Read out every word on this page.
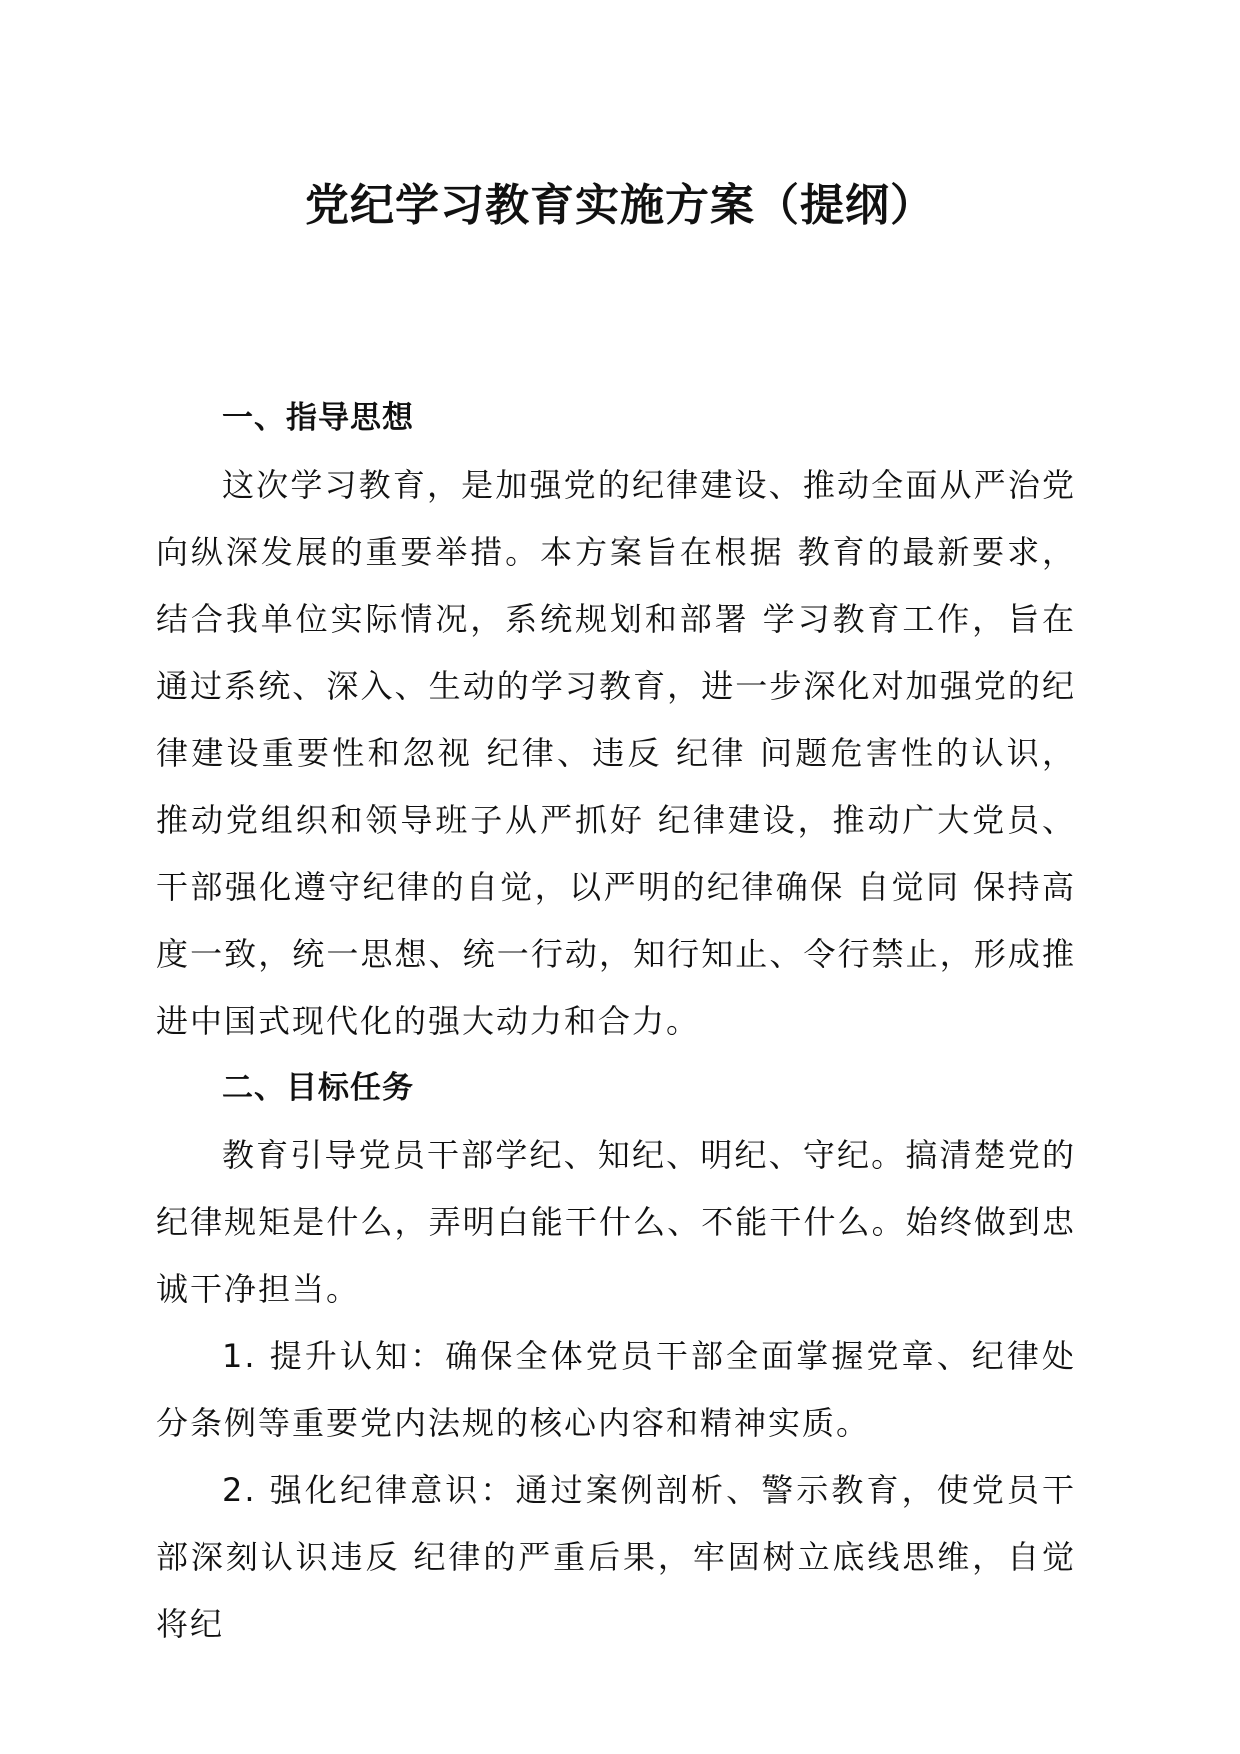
党纪学习教育实施方案（提纲）

一、指导思想

这次学习教育，是加强党的纪律建设、推动全面从严治党向纵深发展的重要举措。本方案旨在根据 教育的最新要求，结合我单位实际情况，系统规划和部署 学习教育工作，旨在通过系统、深入、生动的学习教育，进一步深化对加强党的纪律建设重要性和忽视 纪律、违反 纪律 问题危害性的认识，推动党组织和领导班子从严抓好 纪律建设，推动广大党员、干部强化遵守纪律的自觉，以严明的纪律确保 自觉同 保持高度一致，统一思想、统一行动，知行知止、令行禁止，形成推进中国式现代化的强大动力和合力。

二、目标任务

教育引导党员干部学纪、知纪、明纪、守纪。搞清楚党的纪律规矩是什么，弄明白能干什么、不能干什么。始终做到忠诚干净担当。

1. 提升认知：确保全体党员干部全面掌握党章、纪律处分条例等重要党内法规的核心内容和精神实质。

2. 强化纪律意识：通过案例剖析、警示教育，使党员干部深刻认识违反 纪律的严重后果，牢固树立底线思维，自觉将纪
